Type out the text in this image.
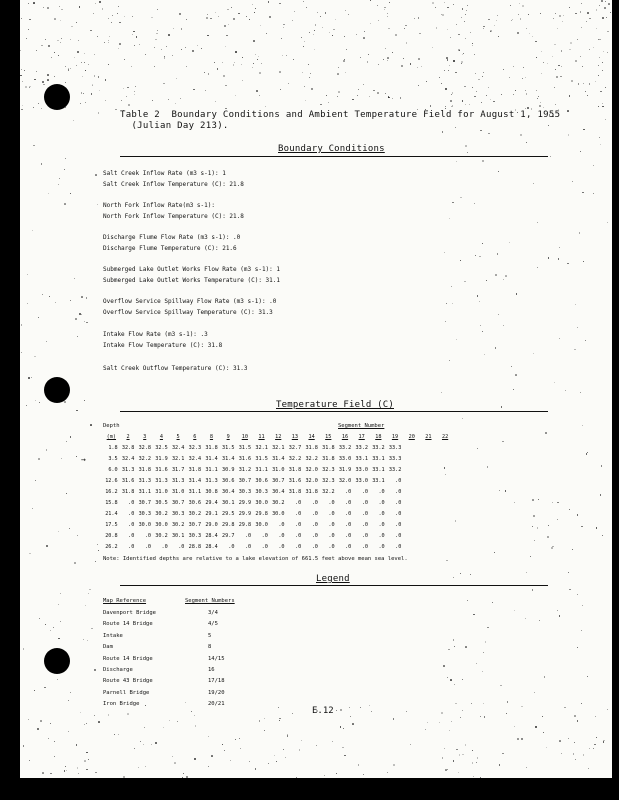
Table 2  Boundary Conditions and Ambient Temperature Field for August 1, 1955
(Julian Day 213).
Boundary Conditions
Salt Creek Inflow Rate (m3 s-1): 1
Salt Creek Inflow Temperature (C): 21.8
North Fork Inflow Rate(m3 s-1):
North Fork Inflow Temperature (C): 21.8
Discharge Flume Flow Rate (m3 s-1): .0
Discharge Flume Temperature (C): 21.6
Submerged Lake Outlet Works Flow Rate (m3 s-1): 1
Submerged Lake Outlet Works Temperature (C): 31.1
Overflow Service Spillway Flow Rate (m3 s-1): .0
Overflow Service Spillway Temperature (C): 31.3
Intake Flow Rate (m3 s-1): .3
Intake Flow Temperature (C): 31.8
Salt Creek Outflow Temperature (C): 31.3
Temperature Field (C)
Depth	Segment Number
→
(m)	2	3	4	5	6	8	9	10	11	12	13	14	15	16	17	18	19	20	21	22
1.8	32.8	32.8	32.5	32.4	32.3	31.8	31.5	31.5	32.1	32.1	32.7	31.8	31.8	33.2	33.2	33.2	33.3			
3.5	32.4	32.2	31.9	32.1	32.4	31.4	31.4	31.6	31.5	31.4	32.2	32.2	31.8	33.0	33.1	33.1	33.3			
6.0	31.3	31.8	31.6	31.7	31.8	31.1	30.9	31.2	31.1	31.0	31.8	32.0	32.3	31.9	33.0	33.1	33.2			
12.6	31.6	31.3	31.3	31.3	31.4	31.3	30.6	30.7	30.6	30.7	31.6	32.0	32.3	32.0	33.0	33.1	.0			
16.2	31.8	31.1	31.0	31.0	31.1	30.8	30.4	30.3	30.3	30.4	31.8	31.8	32.2	.0	.0	.0	.0			
15.8	.0	30.7	30.5	30.7	30.6	29.4	30.1	29.9	30.0	30.2	.0	.0	.0	.0	.0	.0	.0			
21.4	.0	30.3	30.2	30.3	30.2	29.1	29.5	29.9	29.8	30.0	.0	.0	.0	.0	.0	.0	.0			
17.5	.0	30.0	30.0	30.2	30.7	29.0	29.8	29.8	30.0	.0	.0	.0	.0	.0	.0	.0	.0			
20.8	.0	.0	30.2	30.1	30.3	28.4	29.7	.0	.0	.0	.0	.0	.0	.0	.0	.0	.0			
26.2	.0	.0	.0	.0	28.8	28.4	.0	.0	.0	.0	.0	.0	.0	.0	.0	.0	.0			
Note: Identified depths are relative to a lake elevation of 661.5 feet above mean sea level.
Legend
Map Reference	Segment Numbers
Davenport Bridge	3/4
Route 14 Bridge	4/5
Intake	5
Dam	8
Route 14 Bridge	14/15
Discharge	16
Route 43 Bridge	17/18
Parnell Bridge	19/20
Iron Bridge	20/21
E.12
